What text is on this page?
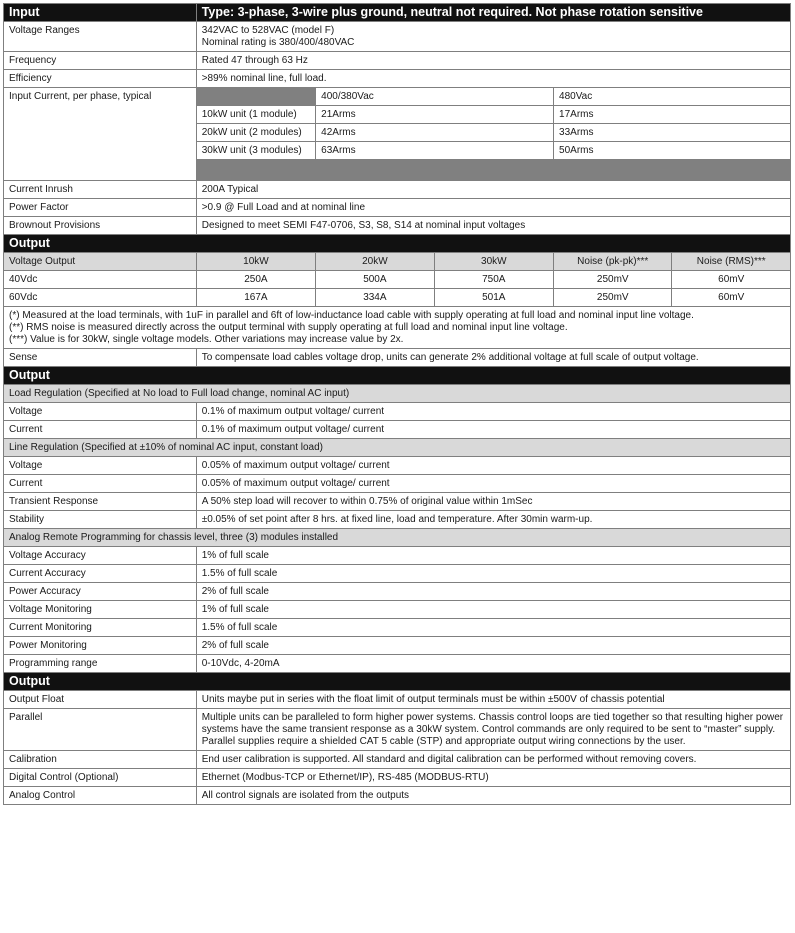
Input	Type: 3-phase, 3-wire plus ground, neutral not required. Not phase rotation sensitive				
Voltage Ranges	342VAC to 528VAC (model F)
Nominal rating is 380/400/480VAC				

Frequency	Rated 47 through 63 Hz				
Efficiency	>89% nominal line, full load.				
Input Current, per phase, typical		400/380Vac		480Vac	
	10kW unit (1 module)	21Arms		17Arms	
	20kW unit (2 modules)	42Arms		33Arms	
	30kW unit (3 modules)	63Arms		50Arms	

Current Inrush	200A Typical				
Power Factor	>0.9 @ Full Load and at nominal line				
Brownout Provisions	Designed to meet SEMI F47-0706, S3, S8, S14 at nominal input voltages				
Output					
Voltage Output	10kW	20kW	30kW	Noise (pk-pk)***	Noise (RMS)***
40Vdc	250A	500A	750A	250mV	60mV
60Vdc	167A	334A	501A	250mV	60mV

(*) Measured at the load terminals, with 1uF in parallel and 6ft of low-inductance load cable with supply operating at full load and nominal input line voltage.
(**) RMS noise is measured directly across the output terminal with supply operating at full load and nominal input line voltage.
(***) Value is for 30kW, single voltage models. Other variations may increase value by 2x.					

Sense	To compensate load cables voltage drop, units can generate 2% additional voltage at full scale of output voltage.				
Output					
Load Regulation (Specified at No load to Full load change, nominal AC input)					
Voltage	0.1% of maximum output voltage/ current				
Current	0.1% of maximum output voltage/ current				
Line Regulation (Specified at ±10% of nominal AC input, constant load)					
Voltage	0.05% of maximum output voltage/ current				
Current	0.05% of maximum output voltage/ current				
Transient Response	A 50% step load will recover to within 0.75% of original value within 1mSec				
Stability	±0.05% of set point after 8 hrs. at fixed line, load and temperature. After 30min warm-up.				
Analog Remote Programming for chassis level, three (3) modules installed					
Voltage Accuracy	1% of full scale				
Current Accuracy	1.5% of full scale				
Power Accuracy	2% of full scale				
Voltage Monitoring	1% of full scale				
Current Monitoring	1.5% of full scale				
Power Monitoring	2% of full scale				
Programming range	0-10Vdc, 4-20mA				
Output					
Output Float	Units maybe put in series with the float limit of output terminals must be within ±500V of chassis potential				
Parallel	Multiple units can be paralleled to form higher power systems. Chassis control loops are tied together so that resulting higher power systems have the same transient response as a 30kW system. Control commands are only required to be sent to “master” supply. Parallel supplies require a shielded CAT 5 cable (STP) and appropriate output wiring connections by the user.				
Calibration	End user calibration is supported. All standard and digital calibration can be performed without removing covers.				
Digital Control (Optional)	Ethernet (Modbus-TCP or Ethernet/IP), RS-485 (MODBUS-RTU)				
Analog Control	All control signals are isolated from the outputs				
